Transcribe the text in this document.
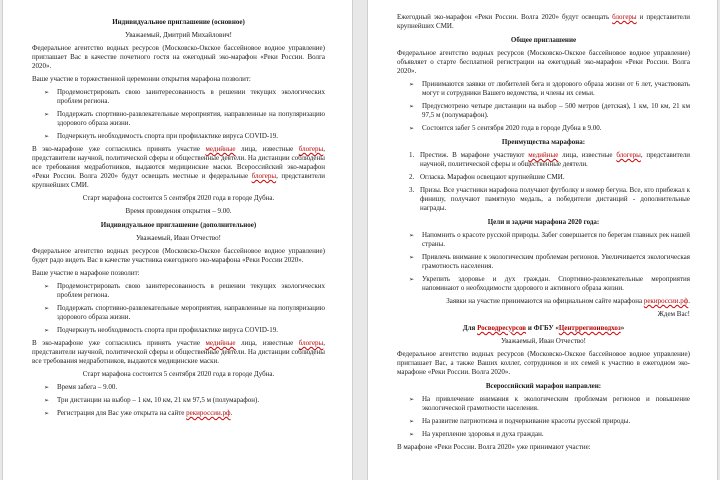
Индивидуальное приглашение (основное)
Уважаемый, Дмитрий Михайлович!
Федеральное агентство водных ресурсов (Московско-Окское бассейновое водное управление) приглашает Вас в качестве почетного гостя на ежегодный эко-марафон «Реки России. Волга 2020».
Ваше участие в торжественной церемонии открытия марафона позволит:
➢	Продемонстрировать свою заинтересованность в решении текущих экологических проблем региона.
➢	Поддержать спортивно-развлекательные мероприятия, направленные на популяризацию здорового образа жизни.
➢	Подчеркнуть необходимость спорта при профилактике вируса COVID-19.
В эко-марафоне уже согласились принять участие медийные лица, известные блогеры, представители научной, политической сферы и общественные деятели. На дистанции соблюдены все требования медработников, выдаются медицинские маски. Всероссийский эко-марафон «Реки России. Волга 2020» будут освещать местные и федеральные блогеры, представители крупнейших СМИ.
Старт марафона состоится 5 сентября 2020 года в городе Дубна.
Время проведения открытия – 9.00.
Индивидуальное приглашение (дополнительное)
Уважаемый, Иван Отчество!
Федеральное агентство водных ресурсов (Московско-Окское бассейновое водное управление) будет радо видеть Вас в качестве участника ежегодного эко-марафона «Реки России 2020».
Ваше участие в марафоне позволит:
➢	Продемонстрировать свою заинтересованность в решении текущих экологических проблем региона.
➢	Поддержать спортивно-развлекательные мероприятия, направленные на популяризацию здорового образа жизни.
➢	Подчеркнуть необходимость спорта при профилактике вируса COVID-19.
В эко-марафоне уже согласились принять участие медийные лица, известные блогеры, представители научной, политической сферы и общественные деятели. На дистанции соблюдены все требования медработников, выдаются медицинские маски.
Старт марафона состоится 5 сентября 2020 года в городе Дубна.
➢	Время забега – 9.00.
➢	Три дистанции на выбор – 1 км, 10 км, 21 км 97,5 м (полумарафон).
➢	Регистрация для Вас уже открыта на сайте рекироссии.рф.
Ежегодный эко-марафон «Реки России. Волга 2020» будут освещать блогеры и представители крупнейших СМИ.
Общее приглашение
Федеральное агентство водных ресурсов (Московско-Окское бассейновое водное управление) объявляет о старте бесплатной регистрации на ежегодный эко-марафон «Реки России. Волга 2020».
➢	Принимаются заявки от любителей бега и здорового образа жизни от 6 лет, участвовать могут и сотрудники Вашего ведомства, и члены их семьи.
➢	Предусмотрено четыре дистанции на выбор – 500 метров (детская), 1 км, 10 км, 21 км 97,5 м (полумарафон).
➢	Состоится забег 5 сентября 2020 года в городе Дубна в 9.00.
Преимущества марафона:
1. Престиж. В марафоне участвуют медийные лица, известные блогеры, представители научной, политической сферы и общественные деятели.
2. Огласка. Марафон освещают крупнейшие СМИ.
3. Призы. Все участники марафона получают футболку и номер бегуна. Все, кто прибежал к финишу, получают памятную медаль, а победители дистанций - дополнительные награды.
Цели и задачи марафона 2020 года:
➢	Напомнить о красоте русской природы. Забег совершается по берегам главных рек нашей страны.
➢	Привлечь внимание к экологическим проблемам регионов. Увеличивается экологическая грамотность населения.
➢	Укрепить здоровье и дух граждан. Спортивно-развлекательные мероприятия напоминают о необходимости здорового и активного образа жизни.
Заявки на участие принимаются на официальном сайте марафона рекироссии.рф.
Ждем Вас!
Для Росводресурсов и ФГБУ «Центррегионводхоз»
Уважаемый, Иван Отчество!
Федеральное агентство водных ресурсов (Московско-Окское бассейновое водное управление) приглашает Вас, а также Ваших коллег, сотрудников и их семей к участию в ежегодном эко-марафоне «Реки России. Волга 2020».
Всероссийский марафон направлен:
➢	На привлечение внимания к экологическим проблемам регионов и повышение экологической грамотности населения.
➢	На развитие патриотизма и подчеркивание красоты русской природы.
➢	На укрепление здоровья и духа граждан.
В марафоне «Реки России. Волга 2020» уже принимают участие:
